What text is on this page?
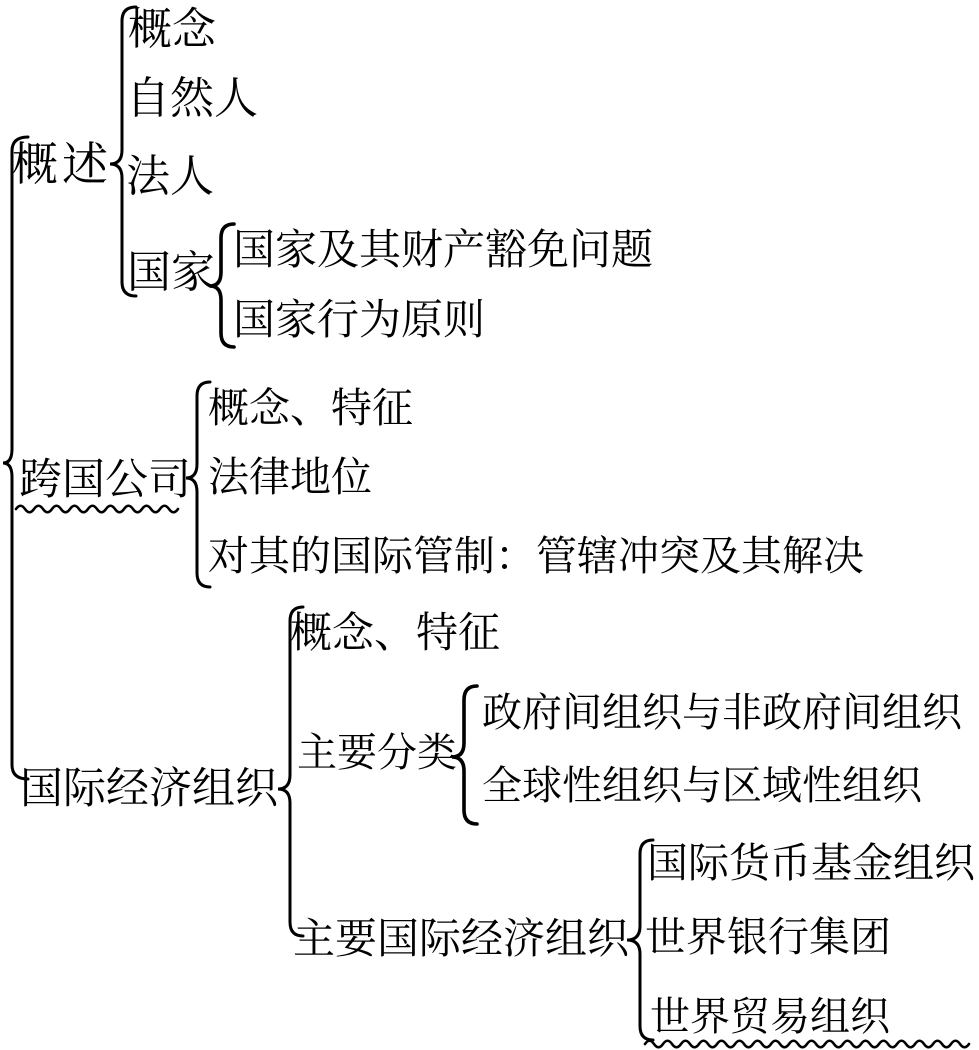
概念
自然人
概述 法人
国家 国家及其财产豁免问题
国家行为原则
跨国公司
概念、特征
法律地位
对其的国际管制：管辖冲突及其解决
国际经济组织
概念、特征
主要分类
政府间组织与非政府间组织
全球性组织与区域性组织
主要国际经济组织
国际货币基金组织
世界银行集团
世界贸易组织
